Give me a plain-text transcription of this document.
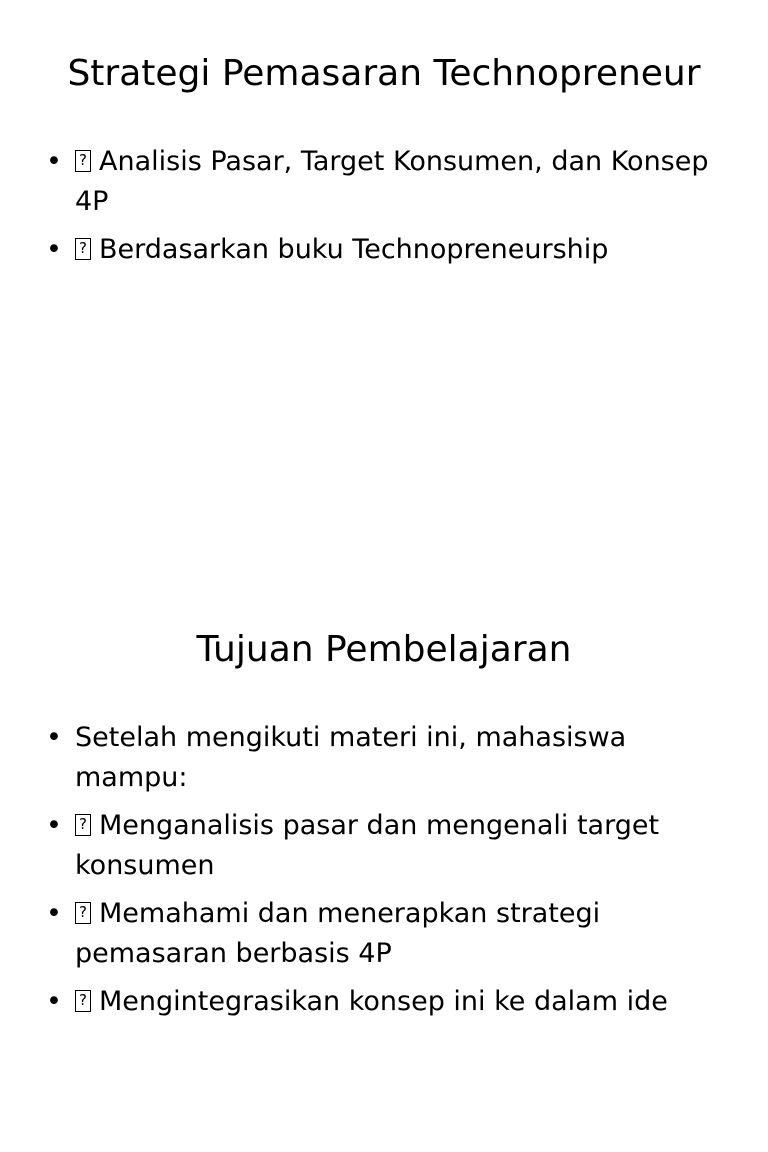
Strategi Pemasaran Technopreneur
• ? Analisis Pasar, Target Konsumen, dan Konsep 4P
• ? Berdasarkan buku Technopreneurship
Tujuan Pembelajaran
• Setelah mengikuti materi ini, mahasiswa mampu:
• ? Menganalisis pasar dan mengenali target konsumen
• ? Memahami dan menerapkan strategi pemasaran berbasis 4P
• ? Mengintegrasikan konsep ini ke dalam ide
